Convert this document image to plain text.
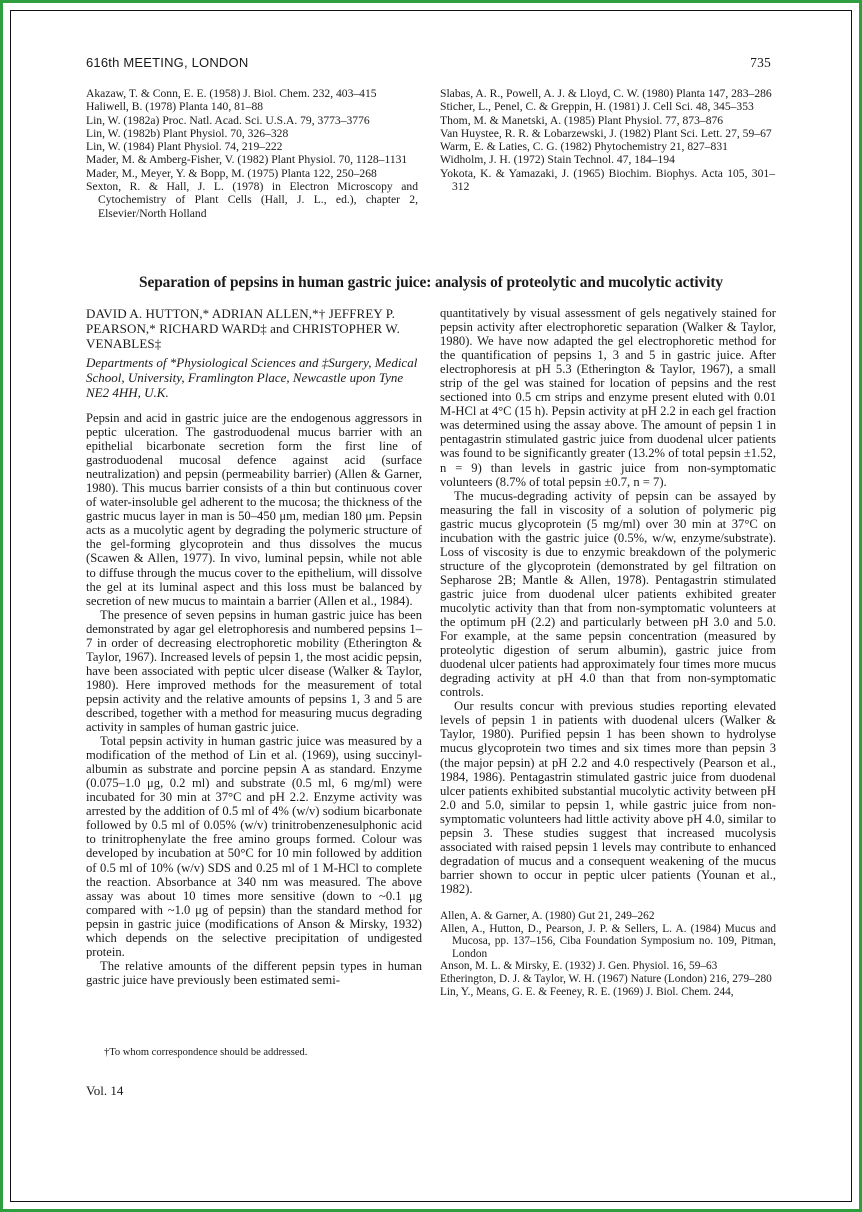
616th MEETING, LONDON	735
Akazaw, T. & Conn, E. E. (1958) J. Biol. Chem. 232, 403–415
Haliwell, B. (1978) Planta 140, 81–88
Lin, W. (1982a) Proc. Natl. Acad. Sci. U.S.A. 79, 3773–3776
Lin, W. (1982b) Plant Physiol. 70, 326–328
Lin, W. (1984) Plant Physiol. 74, 219–222
Mader, M. & Amberg-Fisher, V. (1982) Plant Physiol. 70, 1128–1131
Mader, M., Meyer, Y. & Bopp, M. (1975) Planta 122, 250–268
Sexton, R. & Hall, J. L. (1978) in Electron Microscopy and Cytochemistry of Plant Cells (Hall, J. L., ed.), chapter 2, Elsevier/North Holland
Slabas, A. R., Powell, A. J. & Lloyd, C. W. (1980) Planta 147, 283–286
Sticher, L., Penel, C. & Greppin, H. (1981) J. Cell Sci. 48, 345–353
Thom, M. & Manetski, A. (1985) Plant Physiol. 77, 873–876
Van Huystee, R. R. & Lobarzewski, J. (1982) Plant Sci. Lett. 27, 59–67
Warm, E. & Laties, C. G. (1982) Phytochemistry 21, 827–831
Widholm, J. H. (1972) Stain Technol. 47, 184–194
Yokota, K. & Yamazaki, J. (1965) Biochim. Biophys. Acta 105, 301–312
Separation of pepsins in human gastric juice: analysis of proteolytic and mucolytic activity
DAVID A. HUTTON,* ADRIAN ALLEN,*† JEFFREY P. PEARSON,* RICHARD WARD‡ and CHRISTOPHER W. VENABLES‡
Departments of *Physiological Sciences and ‡Surgery, Medical School, University, Framlington Place, Newcastle upon Tyne NE2 4HH, U.K.

Pepsin and acid in gastric juice are the endogenous aggressors in peptic ulceration. The gastroduodenal mucus barrier with an epithelial bicarbonate secretion form the first line of gastroduodenal mucosal defence against acid (surface neutralization) and pepsin (permeability barrier) (Allen & Garner, 1980). This mucus barrier consists of a thin but continuous cover of water-insoluble gel adherent to the mucosa; the thickness of the gastric mucus layer in man is 50–450 μm, median 180 μm. Pepsin acts as a mucolytic agent by degrading the polymeric structure of the gel-forming glycoprotein and thus dissolves the mucus (Scawen & Allen, 1977). In vivo, luminal pepsin, while not able to diffuse through the mucus cover to the epithelium, will dissolve the gel at its luminal aspect and this loss must be balanced by secretion of new mucus to maintain a barrier (Allen et al., 1984).

The presence of seven pepsins in human gastric juice has been demonstrated by agar gel eletrophoresis and numbered pepsins 1–7 in order of decreasing electrophoretic mobility (Etherington & Taylor, 1967). Increased levels of pepsin 1, the most acidic pepsin, have been associated with peptic ulcer disease (Walker & Taylor, 1980). Here improved methods for the measurement of total pepsin activity and the relative amounts of pepsins 1, 3 and 5 are described, together with a method for measuring mucus degrading activity in samples of human gastric juice.

Total pepsin activity in human gastric juice was measured by a modification of the method of Lin et al. (1969), using succinyl-albumin as substrate and porcine pepsin A as standard. Enzyme (0.075–1.0 μg, 0.2 ml) and substrate (0.5 ml, 6 mg/ml) were incubated for 30 min at 37°C and pH 2.2. Enzyme activity was arrested by the addition of 0.5 ml of 4% (w/v) sodium bicarbonate followed by 0.5 ml of 0.05% (w/v) trinitrobenzenesulphonic acid to trinitrophenylate the free amino groups formed. Colour was developed by incubation at 50°C for 10 min followed by addition of 0.5 ml of 10% (w/v) SDS and 0.25 ml of 1 M-HCl to complete the reaction. Absorbance at 340 nm was measured. The above assay was about 10 times more sensitive (down to ~0.1 μg compared with ~1.0 μg of pepsin) than the standard method for pepsin in gastric juice (modifications of Anson & Mirsky, 1932) which depends on the selective precipitation of undigested protein.

The relative amounts of the different pepsin types in human gastric juice have previously been estimated semi-

quantitatively by visual assessment of gels negatively stained for pepsin activity after electrophoretic separation (Walker & Taylor, 1980). We have now adapted the gel electrophoretic method for the quantification of pepsins 1, 3 and 5 in gastric juice. After electrophoresis at pH 5.3 (Etherington & Taylor, 1967), a small strip of the gel was stained for location of pepsins and the rest sectioned into 0.5 cm strips and enzyme present eluted with 0.01 M-HCl at 4°C (15 h). Pepsin activity at pH 2.2 in each gel fraction was determined using the assay above. The amount of pepsin 1 in pentagastrin stimulated gastric juice from duodenal ulcer patients was found to be significantly greater (13.2% of total pepsin ±1.52, n = 9) than levels in gastric juice from non-symptomatic volunteers (8.7% of total pepsin ±0.7, n = 7).

The mucus-degrading activity of pepsin can be assayed by measuring the fall in viscosity of a solution of polymeric pig gastric mucus glycoprotein (5 mg/ml) over 30 min at 37°C on incubation with the gastric juice (0.5%, w/w, enzyme/substrate). Loss of viscosity is due to enzymic breakdown of the polymeric structure of the glycoprotein (demonstrated by gel filtration on Sepharose 2B; Mantle & Allen, 1978). Pentagastrin stimulated gastric juice from duodenal ulcer patients exhibited greater mucolytic activity than that from non-symptomatic volunteers at the optimum pH (2.2) and particularly between pH 3.0 and 5.0. For example, at the same pepsin concentration (measured by proteolytic digestion of serum albumin), gastric juice from duodenal ulcer patients had approximately four times more mucus degrading activity at pH 4.0 than that from non-symptomatic controls.

Our results concur with previous studies reporting elevated levels of pepsin 1 in patients with duodenal ulcers (Walker & Taylor, 1980). Purified pepsin 1 has been shown to hydrolyse mucus glycoprotein two times and six times more than pepsin 3 (the major pepsin) at pH 2.2 and 4.0 respectively (Pearson et al., 1984, 1986). Pentagastrin stimulated gastric juice from duodenal ulcer patients exhibited substantial mucolytic activity between pH 2.0 and 5.0, similar to pepsin 1, while gastric juice from non-symptomatic volunteers had little activity above pH 4.0, similar to pepsin 3. These studies suggest that increased mucolysis associated with raised pepsin 1 levels may contribute to enhanced degradation of mucus and a consequent weakening of the mucus barrier shown to occur in peptic ulcer patients (Younan et al., 1982).

Allen, A. & Garner, A. (1980) Gut 21, 249–262
Allen, A., Hutton, D., Pearson, J. P. & Sellers, L. A. (1984) Mucus and Mucosa, pp. 137–156, Ciba Foundation Symposium no. 109, Pitman, London
Anson, M. L. & Mirsky, E. (1932) J. Gen. Physiol. 16, 59–63
Etherington, D. J. & Taylor, W. H. (1967) Nature (London) 216, 279–280
Lin, Y., Means, G. E. & Feeney, R. E. (1969) J. Biol. Chem. 244,
†To whom correspondence should be addressed.
Vol. 14
